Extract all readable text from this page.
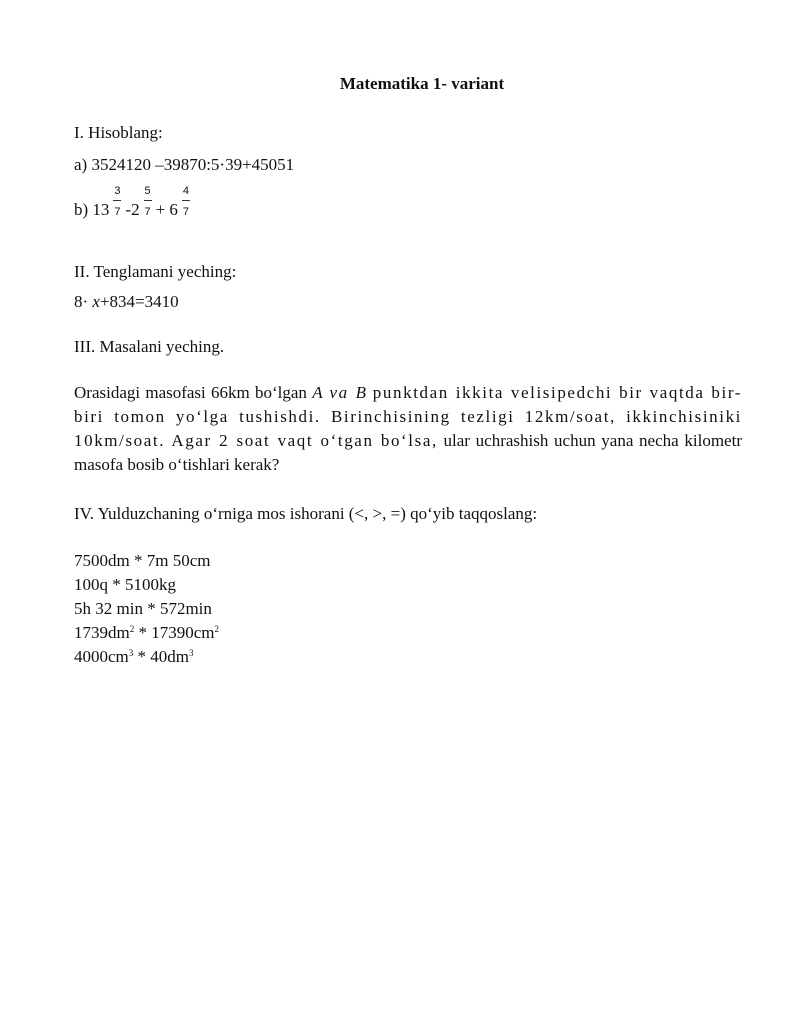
Matematika 1- variant
I. Hisoblang:
a) 3524120 –39870:5·39+45051
b) $13 \frac{3}{7} -2 \frac{5}{7} + 6 \frac{4}{7}$
II. Tenglamani yeching:
8· x+834=3410
III. Masalani yeching.
Orasidagi masofasi 66km bo‘lgan A va B punktdan ikkita velisipedchi bir vaqtda bir-biri tomon yo‘lga tushishdi. Birinchisining tezligi 12km/soat, ikkinchisiniki 10km/soat. Agar 2 soat vaqt o‘tgan bo‘lsa, ular uchrashish uchun yana necha kilometr masofa bosib o‘tishlari kerak?
IV. Yulduzchaning o‘rniga mos ishorani (<, >, =) qo‘yib taqqoslang:
7500dm * 7m 50cm
100q * 5100kg
5h 32 min * 572min
$1739dm^2 * 17390cm^2$
$4000cm^3 * 40dm^3$
